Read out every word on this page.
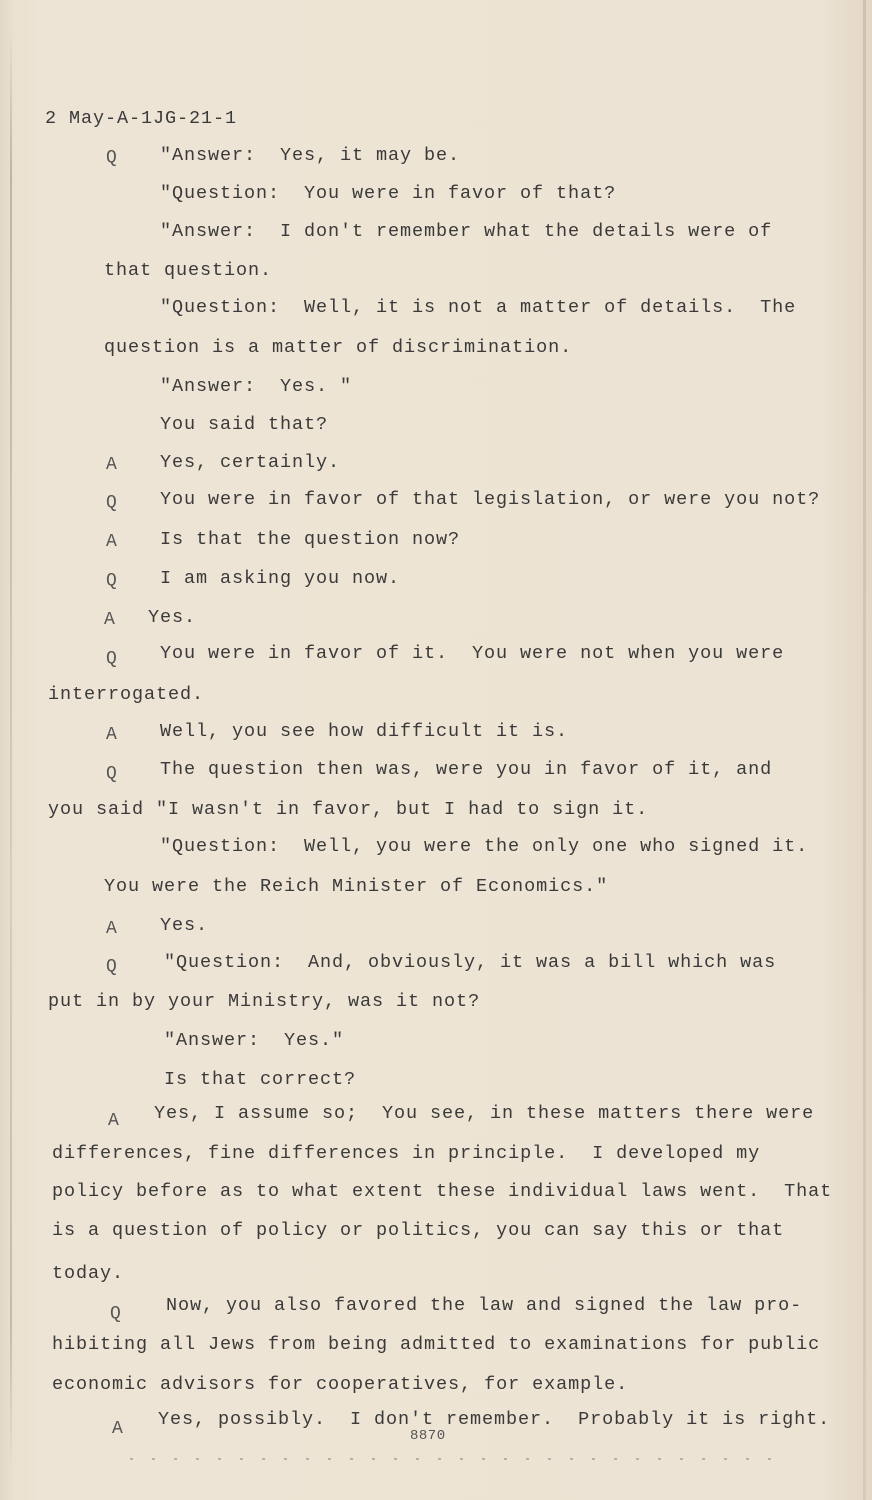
2 May-A-1JG-21-1
Q "Answer:  Yes, it may be.
"Question:  You were in favor of that?
"Answer:  I don't remember what the details were of
that question.
"Question:  Well, it is not a matter of details.  The
question is a matter of discrimination.
"Answer:  Yes. "
You said that?
A Yes, certainly.
Q You were in favor of that legislation, or were you not?
A Is that the question now?
Q I am asking you now.
A Yes.
Q You were in favor of it.  You were not when you were
interrogated.
A Well, you see how difficult it is.
Q The question then was, were you in favor of it, and
you said "I wasn't in favor, but I had to sign it.
"Question:  Well, you were the only one who signed it.
You were the Reich Minister of Economics."
A Yes.
Q	"Question:  And, obviously, it was a bill which was
put in by your Ministry, was it not?
"Answer:  Yes."
Is that correct?
A Yes, I assume so;  You see, in these matters there were
differences, fine differences in principle.  I developed my
policy before as to what extent these individual laws went.  That
is a question of policy or politics, you can say this or that
today.
Q Now, you also favored the law and signed the law pro-
hibiting all Jews from being admitted to examinations for public
economic advisors for cooperatives, for example.
A Yes, possibly.  I don't remember.  Probably it is right.
8870
